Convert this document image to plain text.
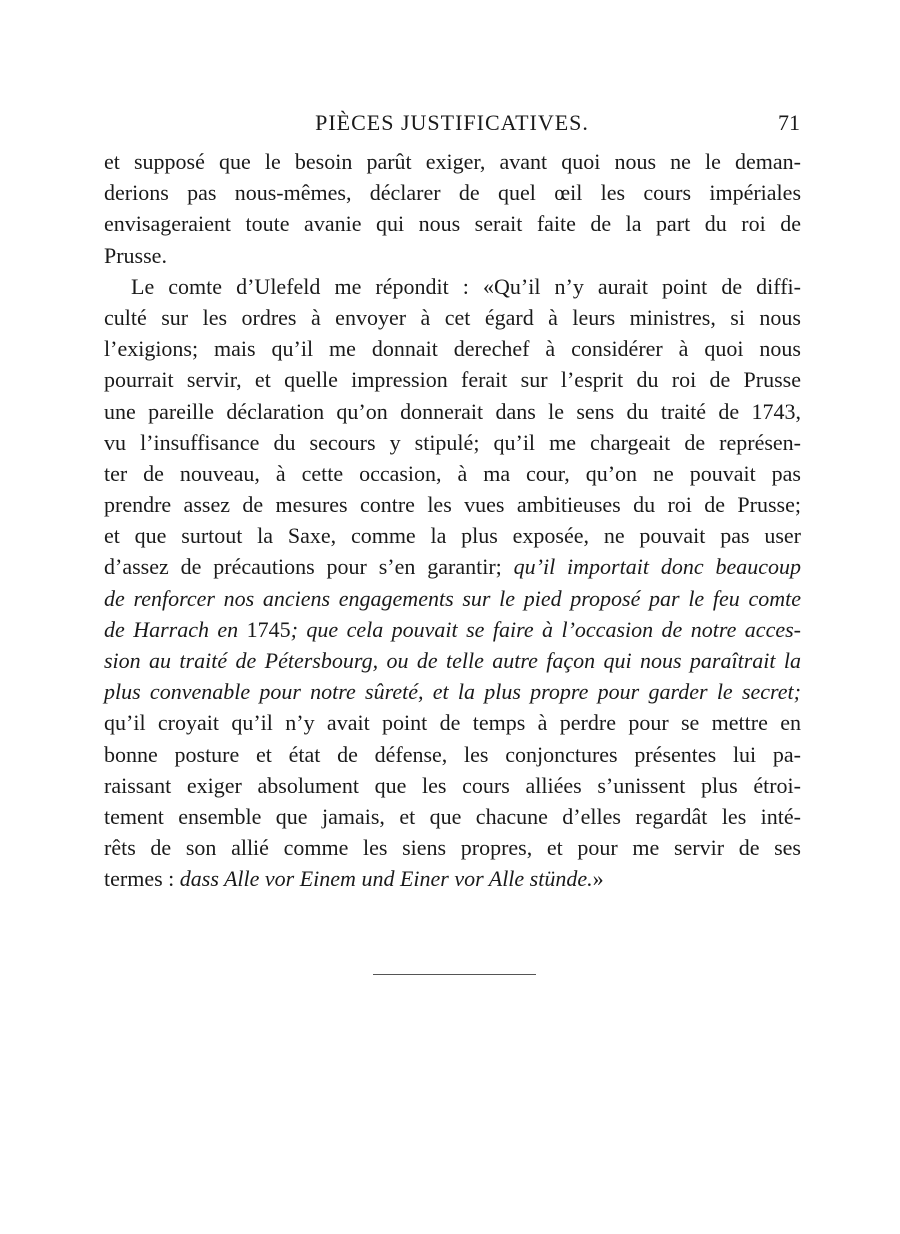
PIÈCES JUSTIFICATIVES.	71
et supposé que le besoin parût exiger, avant quoi nous ne le deman-
derions pas nous-mêmes, déclarer de quel œil les cours impériales
envisageraient toute avanie qui nous serait faite de la part du roi de
Prusse.
Le comte d’Ulefeld me répondit : «Qu’il n’y aurait point de diffi-
culté sur les ordres à envoyer à cet égard à leurs ministres, si nous
l’exigions; mais qu’il me donnait derechef à considérer à quoi nous
pourrait servir, et quelle impression ferait sur l’esprit du roi de Prusse
une pareille déclaration qu’on donnerait dans le sens du traité de 1743,
vu l’insuffisance du secours y stipulé; qu’il me chargeait de représen-
ter de nouveau, à cette occasion, à ma cour, qu’on ne pouvait pas
prendre assez de mesures contre les vues ambitieuses du roi de Prusse;
et que surtout la Saxe, comme la plus exposée, ne pouvait pas user
d’assez de précautions pour s’en garantir; qu’il importait donc beaucoup
de renforcer nos anciens engagements sur le pied proposé par le feu comte
de Harrach en 1745; que cela pouvait se faire à l’occasion de notre acces-
sion au traité de Pétersbourg, ou de telle autre façon qui nous paraîtrait la
plus convenable pour notre sûreté, et la plus propre pour garder le secret;
qu’il croyait qu’il n’y avait point de temps à perdre pour se mettre en
bonne posture et état de défense, les conjonctures présentes lui pa-
raissant exiger absolument que les cours alliées s’unissent plus étroi-
tement ensemble que jamais, et que chacune d’elles regardât les inté-
rêts de son allié comme les siens propres, et pour me servir de ses
termes : dass Alle vor Einem und Einer vor Alle stünde.»
